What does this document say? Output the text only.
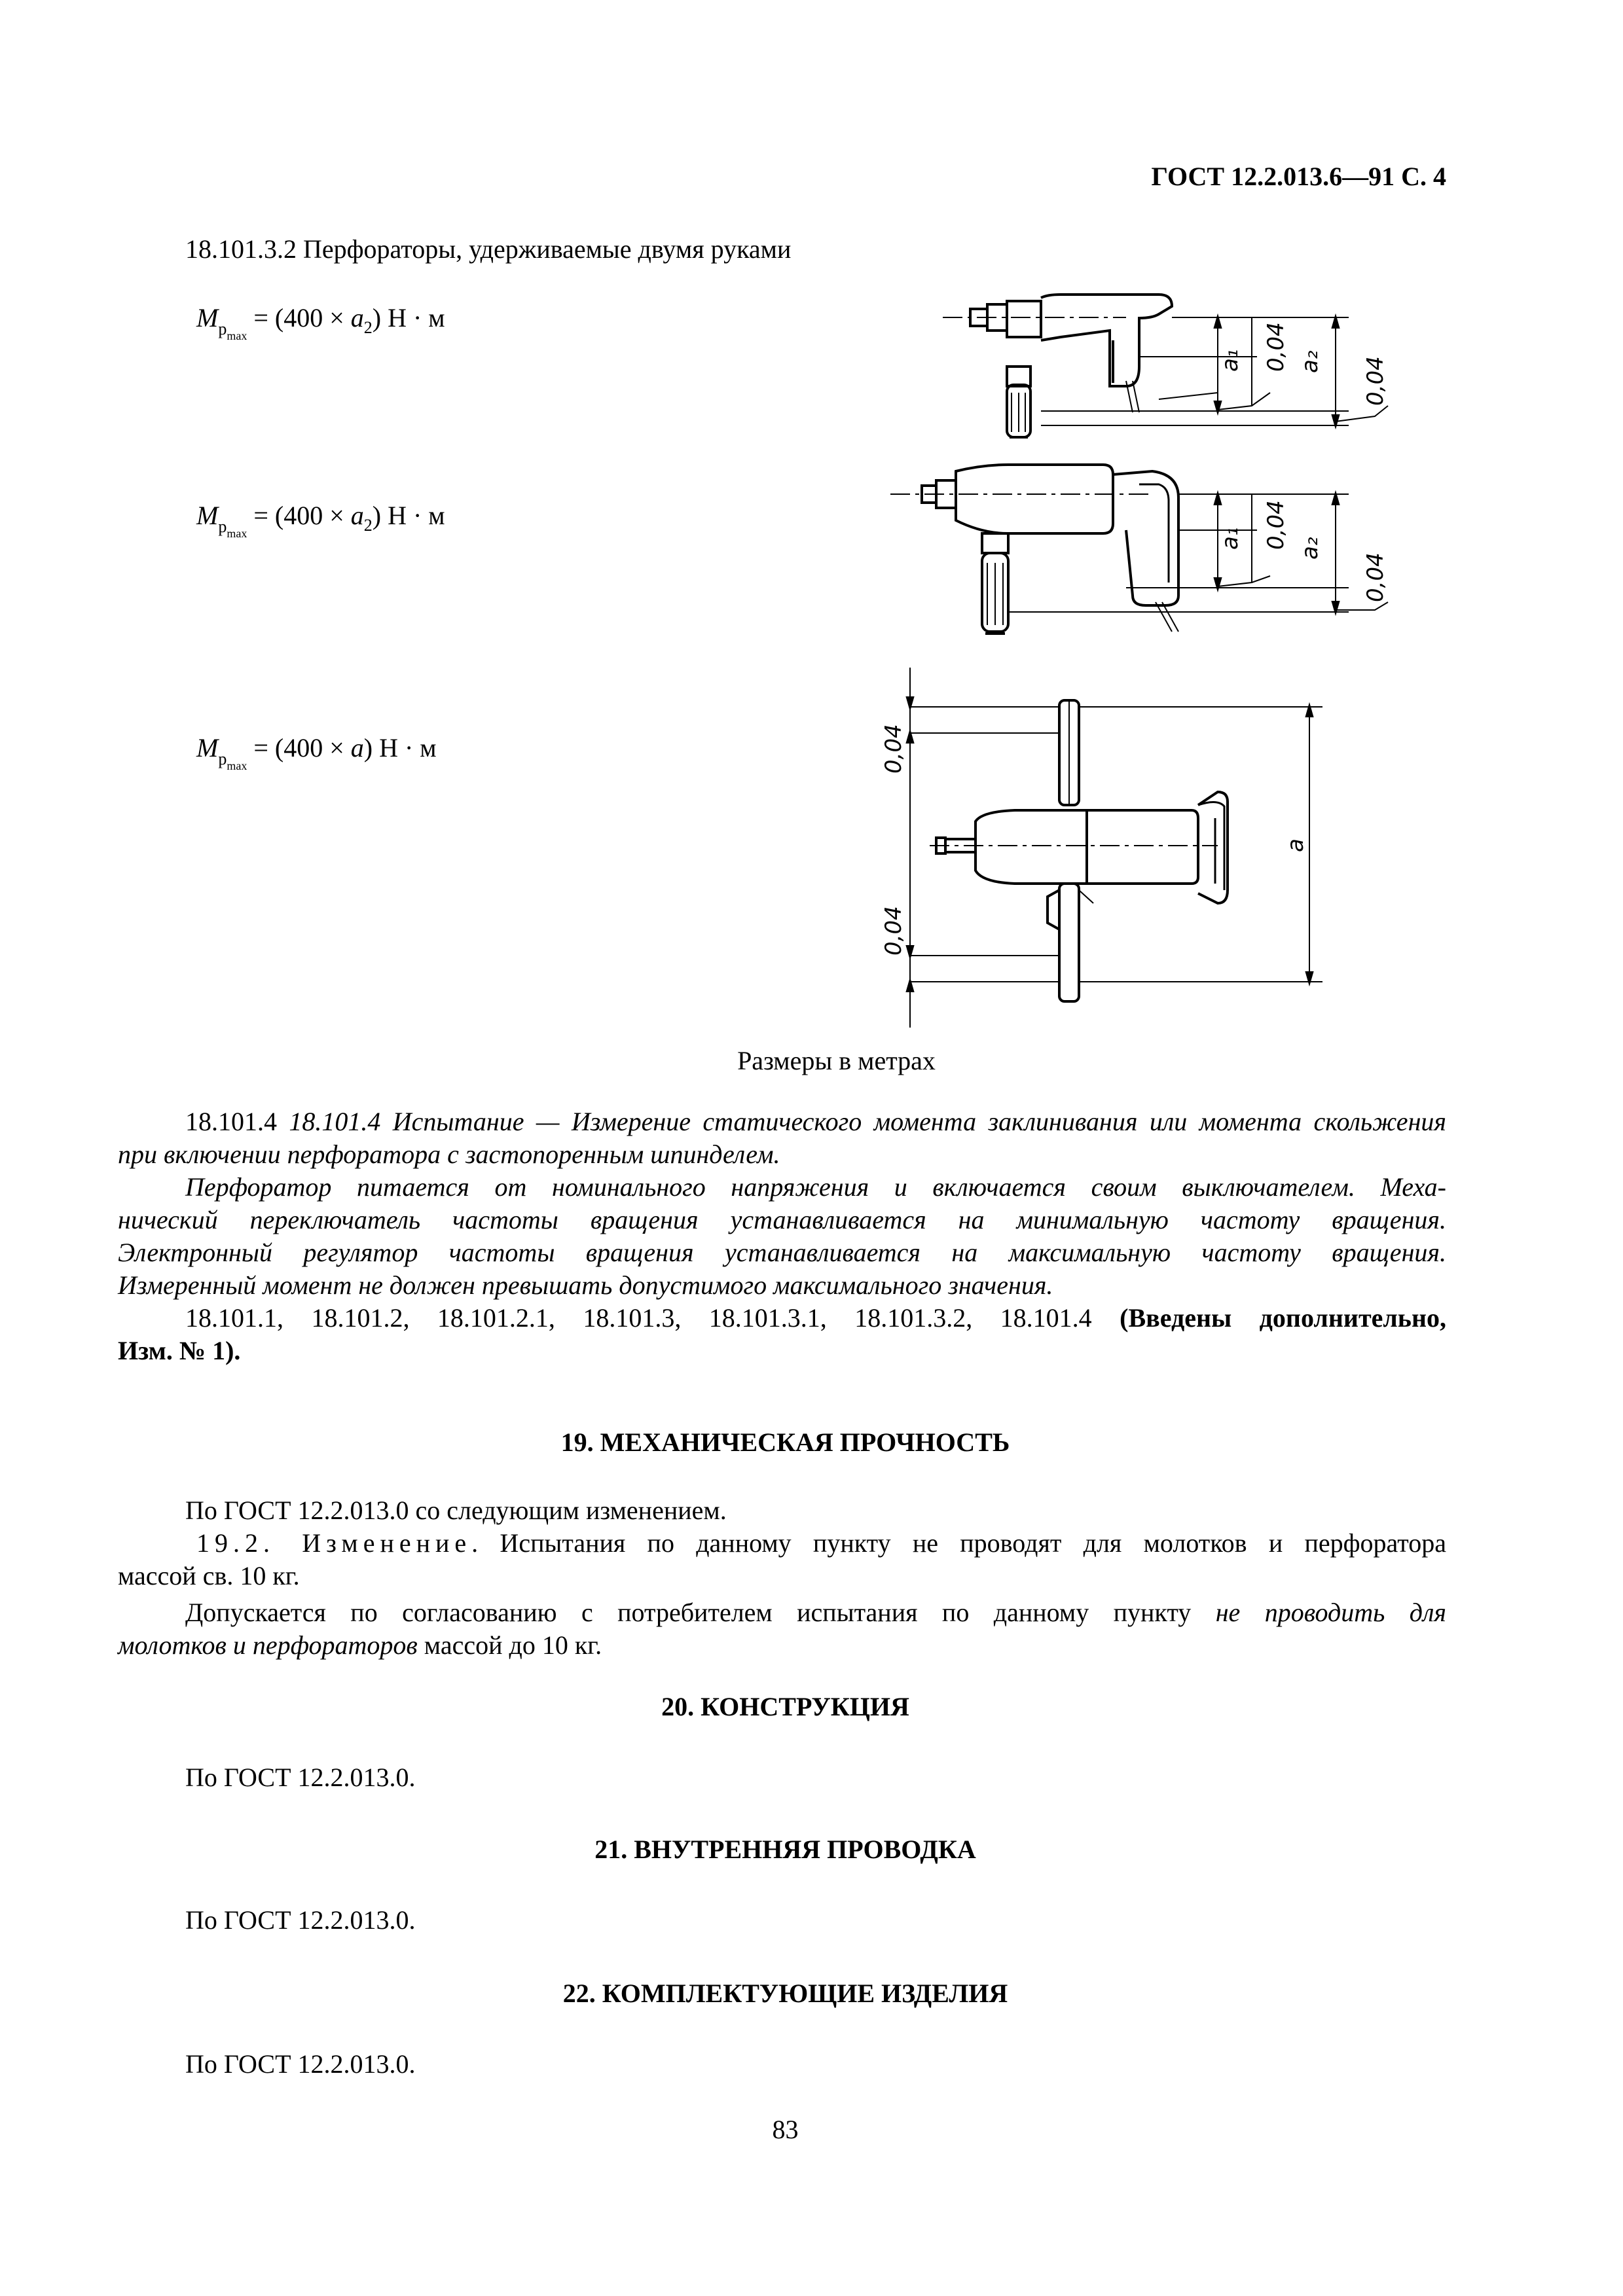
ГОСТ 12.2.013.6—91 С. 4
18.101.3.2 Перфораторы, удерживаемые двумя руками
$M_{pmax} = (400 \times a_2) Н \cdot м$
$M_{pmax} = (400 \times a_2) Н \cdot м$
$M_{pmax} = (400 \times a) Н \cdot м$
a₁ 0,04 a₂ 0,04
a₁ 0,04 a₂
0,04
0,04
0,04
a
Размеры в метрах
18.101.4 18.101.4 Испытание — Измерение статического момента заклинивания или момента скольжения
при включении перфоратора с застопоренным шпинделем.
Перфоратор питается от номинального напряжения и включается своим выключателем. Меха-
нический переключатель частоты вращения устанавливается на минимальную частоту вращения.
Электронный регулятор частоты вращения устанавливается на максимальную частоту вращения.
Измеренный момент не должен превышать допустимого максимального значения.
18.101.1, 18.101.2, 18.101.2.1, 18.101.3, 18.101.3.1, 18.101.3.2, 18.101.4 (Введены дополнительно,
Изм. № 1).
19. МЕХАНИЧЕСКАЯ ПРОЧНОСТЬ
По ГОСТ 12.2.013.0 со следующим изменением.
19.2. Изменение. Испытания по данному пункту не проводят для молотков и перфоратора
массой св. 10 кг.
Допускается по согласованию с потребителем испытания по данному пункту не проводить для
молотков и перфораторов массой до 10 кг.
20. КОНСТРУКЦИЯ
По ГОСТ 12.2.013.0.
21. ВНУТРЕННЯЯ ПРОВОДКА
По ГОСТ 12.2.013.0.
22. КОМПЛЕКТУЮЩИЕ ИЗДЕЛИЯ
По ГОСТ 12.2.013.0.
83
